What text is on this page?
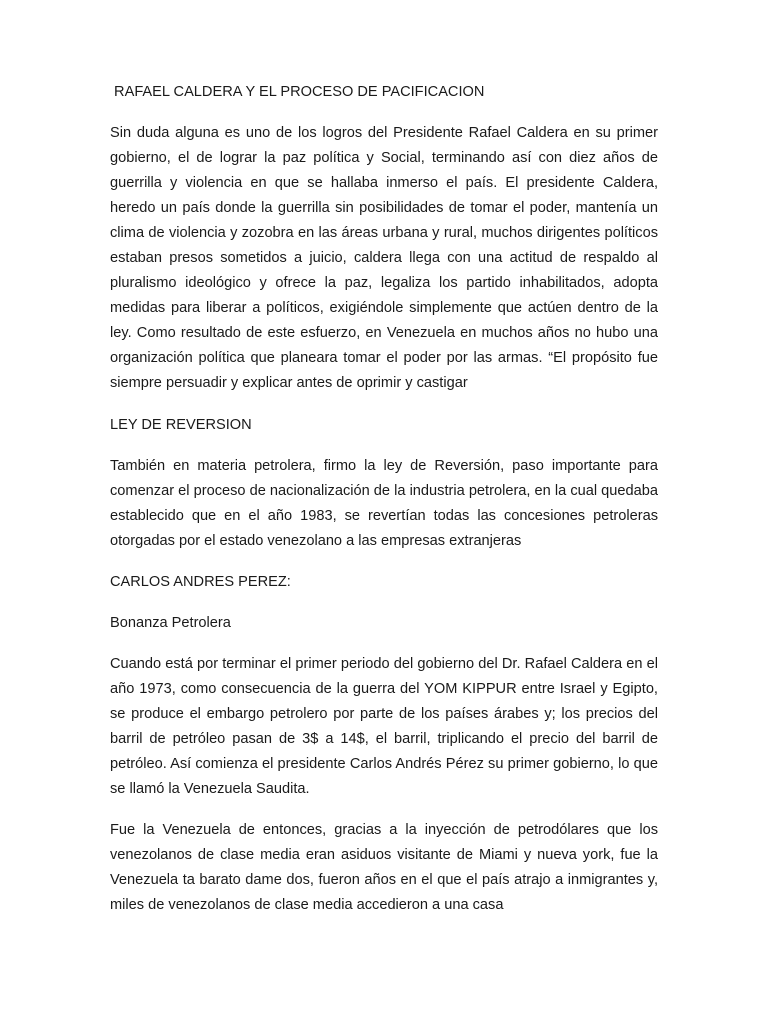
RAFAEL CALDERA Y EL PROCESO DE PACIFICACION

Sin duda alguna es uno de los logros del Presidente Rafael Caldera en su primer gobierno, el de lograr la paz política y Social, terminando así con diez años de guerrilla y violencia en que se hallaba inmerso el país. El presidente Caldera, heredo un país donde la guerrilla sin posibilidades de tomar el poder, mantenía un clima de violencia y zozobra en las áreas urbana y rural, muchos dirigentes políticos estaban presos sometidos a juicio, caldera llega con una actitud de respaldo al pluralismo ideológico y ofrece la paz, legaliza los partido inhabilitados, adopta medidas para liberar a políticos, exigiéndole simplemente que actúen dentro de la ley. Como resultado de este esfuerzo, en Venezuela en muchos años no hubo una organización política que planeara tomar el poder por las armas. “El propósito fue siempre persuadir y explicar antes de oprimir y castigar

LEY DE REVERSION

También en materia petrolera, firmo la ley de Reversión, paso importante para comenzar el proceso de nacionalización de la industria petrolera, en la cual quedaba establecido que en el año 1983, se revertían todas las concesiones petroleras otorgadas por el estado venezolano a las empresas extranjeras

CARLOS ANDRES PEREZ:
Bonanza Petrolera

Cuando está por terminar el primer periodo del gobierno del Dr. Rafael Caldera en el año 1973, como consecuencia de la guerra del YOM KIPPUR entre Israel y Egipto, se produce el embargo petrolero por parte de los países árabes y; los precios del barril de petróleo pasan de 3$ a 14$, el barril, triplicando el precio del barril de petróleo. Así comienza el presidente Carlos Andrés Pérez su primer gobierno, lo que se llamó la Venezuela Saudita.

Fue la Venezuela de entonces, gracias a la inyección de petrodólares que los venezolanos de clase media eran asiduos visitante de Miami y nueva york, fue la Venezuela ta barato dame dos, fueron años en el que el país atrajo a inmigrantes y, miles de venezolanos de clase media accedieron a una casa
